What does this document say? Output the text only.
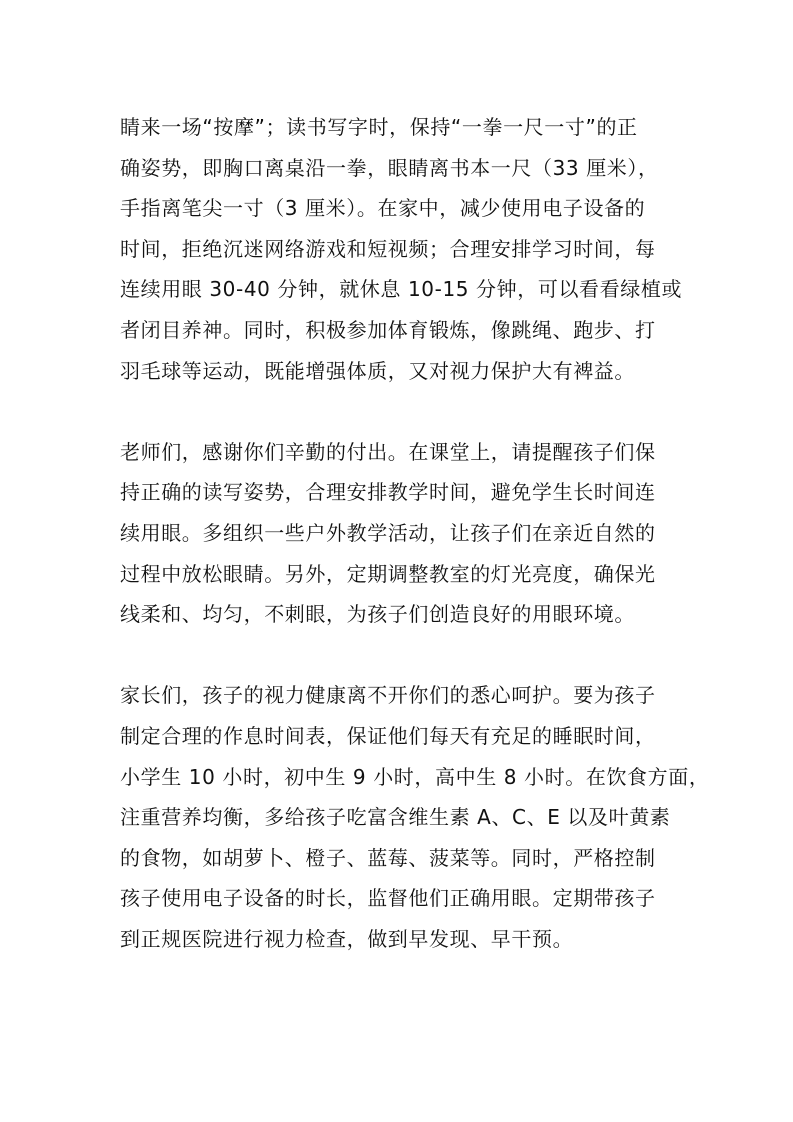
睛来一场“按摩”；读书写字时，保持“一拳一尺一寸”的正
确姿势，即胸口离桌沿一拳，眼睛离书本一尺（33 厘米），
手指离笔尖一寸（3 厘米）。在家中，减少使用电子设备的
时间，拒绝沉迷网络游戏和短视频；合理安排学习时间，每
连续用眼 30-40 分钟，就休息 10-15 分钟，可以看看绿植或
者闭目养神。同时，积极参加体育锻炼，像跳绳、跑步、打
羽毛球等运动，既能增强体质，又对视力保护大有裨益。
老师们，感谢你们辛勤的付出。在课堂上，请提醒孩子们保
持正确的读写姿势，合理安排教学时间，避免学生长时间连
续用眼。多组织一些户外教学活动，让孩子们在亲近自然的
过程中放松眼睛。另外，定期调整教室的灯光亮度，确保光
线柔和、均匀，不刺眼，为孩子们创造良好的用眼环境。
家长们，孩子的视力健康离不开你们的悉心呵护。要为孩子
制定合理的作息时间表，保证他们每天有充足的睡眠时间，
小学生 10 小时，初中生 9 小时，高中生 8 小时。在饮食方面，
注重营养均衡，多给孩子吃富含维生素 A、C、E 以及叶黄素
的食物，如胡萝卜、橙子、蓝莓、菠菜等。同时，严格控制
孩子使用电子设备的时长，监督他们正确用眼。定期带孩子
到正规医院进行视力检查，做到早发现、早干预。
